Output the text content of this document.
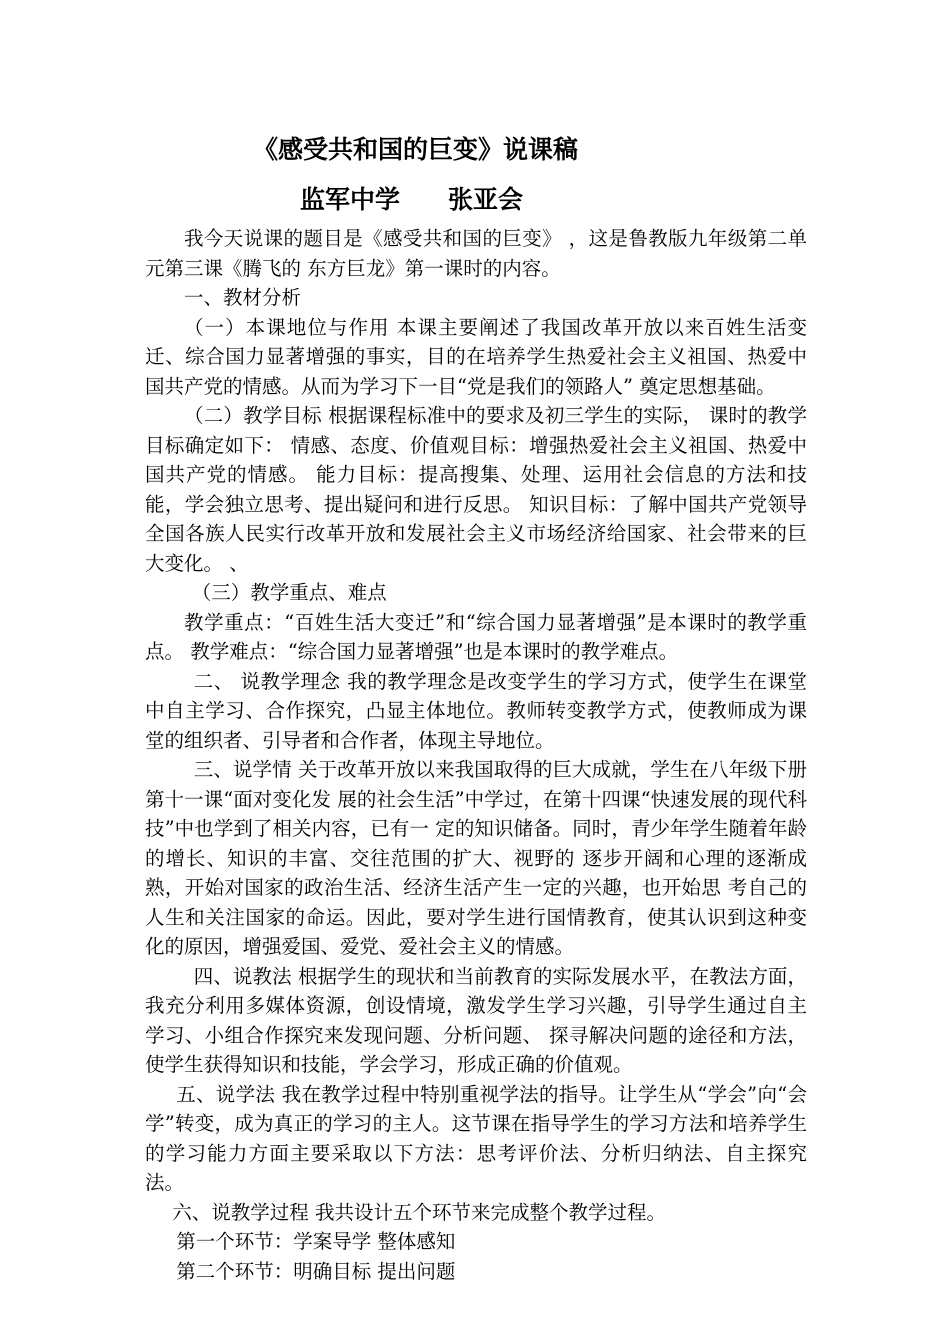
《感受共和国的巨变》说课稿
监军中学 张亚会

我今天说课的题目是《感受共和国的巨变》 ，这是鲁教版九年级第二单元第三课《腾飞的 东方巨龙》第一课时的内容。

一、教材分析

（一）本课地位与作用 本课主要阐述了我国改革开放以来百姓生活变迁、综合国力显著增强的事实，目的在培养学生热爱社会主义祖国、热爱中国共产党的情感。从而为学习下一目“党是我们的领路人” 奠定思想基础。

（二）教学目标 根据课程标准中的要求及初三学生的实际， 课时的教学目标确定如下： 情感、态度、价值观目标：增强热爱社会主义祖国、热爱中国共产党的情感。 能力目标：提高搜集、处理、运用社会信息的方法和技能，学会独立思考、提出疑问和进行反思。 知识目标：了解中国共产党领导全国各族人民实行改革开放和发展社会主义市场经济给国家、社会带来的巨大变化。 、

（三）教学重点、难点

教学重点：“百姓生活大变迁”和“综合国力显著增强”是本课时的教学重点。 教学难点：“综合国力显著增强”也是本课时的教学难点。

二、 说教学理念 我的教学理念是改变学生的学习方式，使学生在课堂中自主学习、合作探究，凸显主体地位。教师转变教学方式，使教师成为课堂的组织者、引导者和合作者，体现主导地位。

三、说学情 关于改革开放以来我国取得的巨大成就，学生在八年级下册第十一课“面对变化发 展的社会生活”中学过，在第十四课“快速发展的现代科技”中也学到了相关内容，已有一 定的知识储备。同时，青少年学生随着年龄的增长、知识的丰富、交往范围的扩大、视野的 逐步开阔和心理的逐渐成熟，开始对国家的政治生活、经济生活产生一定的兴趣，也开始思 考自己的人生和关注国家的命运。因此，要对学生进行国情教育，使其认识到这种变化的原因，增强爱国、爱党、爱社会主义的情感。

四、说教法 根据学生的现状和当前教育的实际发展水平，在教法方面，我充分利用多媒体资源，创设情境，激发学生学习兴趣，引导学生通过自主学习、小组合作探究来发现问题、分析问题、 探寻解决问题的途径和方法，使学生获得知识和技能，学会学习，形成正确的价值观。

五、说学法 我在教学过程中特别重视学法的指导。让学生从“学会”向“会学”转变，成为真正的学习的主人。这节课在指导学生的学习方法和培养学生的学习能力方面主要采取以下方法：思考评价法、分析归纳法、自主探究法。

六、说教学过程 我共设计五个环节来完成整个教学过程。

第一个环节：学案导学 整体感知

第二个环节：明确目标 提出问题
